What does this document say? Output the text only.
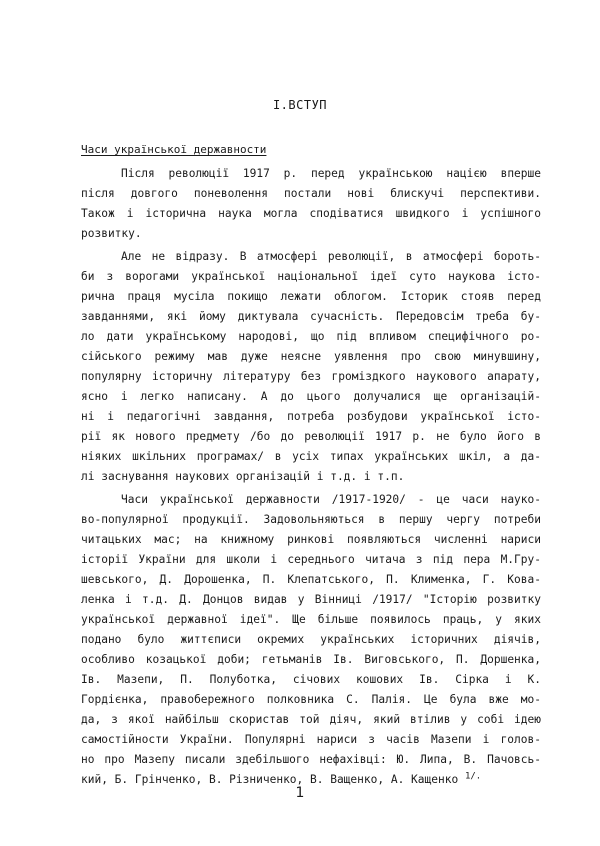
I.ВСТУП
Часи української державности
Після революції 1917 р. перед українською нацією вперше
після довгого поневолення постали нові блискучі перспективи.
Також і історична наука могла сподіватися швидкого і успішного
розвитку.
Але не відразу. В атмосфері революції, в атмосфері бороть-
би з ворогами української національної ідеї суто наукова істо-
рична праця мусіла покищо лежати облогом. Історик стояв перед
завданнями, які йому диктувала сучасність. Передовсім треба бу-
ло дати українському народові, що під впливом специфічного ро-
сійського режиму мав дуже неясне уявлення про свою минувшину,
популярну історичну літературу без громіздкого наукового апарату,
ясно і легко написану. А до цього долучалися ще організацій-
ні і педагогічні завдання, потреба розбудови української істо-
рії як нового предмету /бо до революції 1917 р. не було його в
ніяких шкільних програмах/ в усіх типах українських шкіл, а да-
лі заснування наукових організацій і т.д. і т.п.
Часи української державности /1917-1920/ - це часи науко-
во-популярної продукції. Задовольняються в першу чергу потреби
читацьких мас; на книжному ринкові появляються численні нариси
історії України для школи і середнього читача з під пера М.Гру-
шевського, Д. Дорошенка, П. Клепатського, П. Клименка, Г. Кова-
ленка і т.д. Д. Донцов видав у Вінниці /1917/ "Історію розвитку
української державної ідеї". Ще більше появилось праць, у яких
подано було життєписи окремих українських історичних діячів,
особливо козацької доби; гетьманів Ів. Виговського, П. Доршенка,
Ів. Мазепи, П. Полуботка, січових кошових Ів. Сірка і К.
Гордієнка, правобережного полковника С. Палія. Це була вже мо-
да, з якої найбільш скористав той діяч, який втілив у собі ідею
самостійности України. Популярні нариси з часів Мазепи і голов-
но про Мазепу писали здебільшого нефахівці: Ю. Липа, В. Пачовсь-
кий, Б. Грінченко, В. Різниченко, В. Ващенко, А. Кащенко $^{1/.}$
1
